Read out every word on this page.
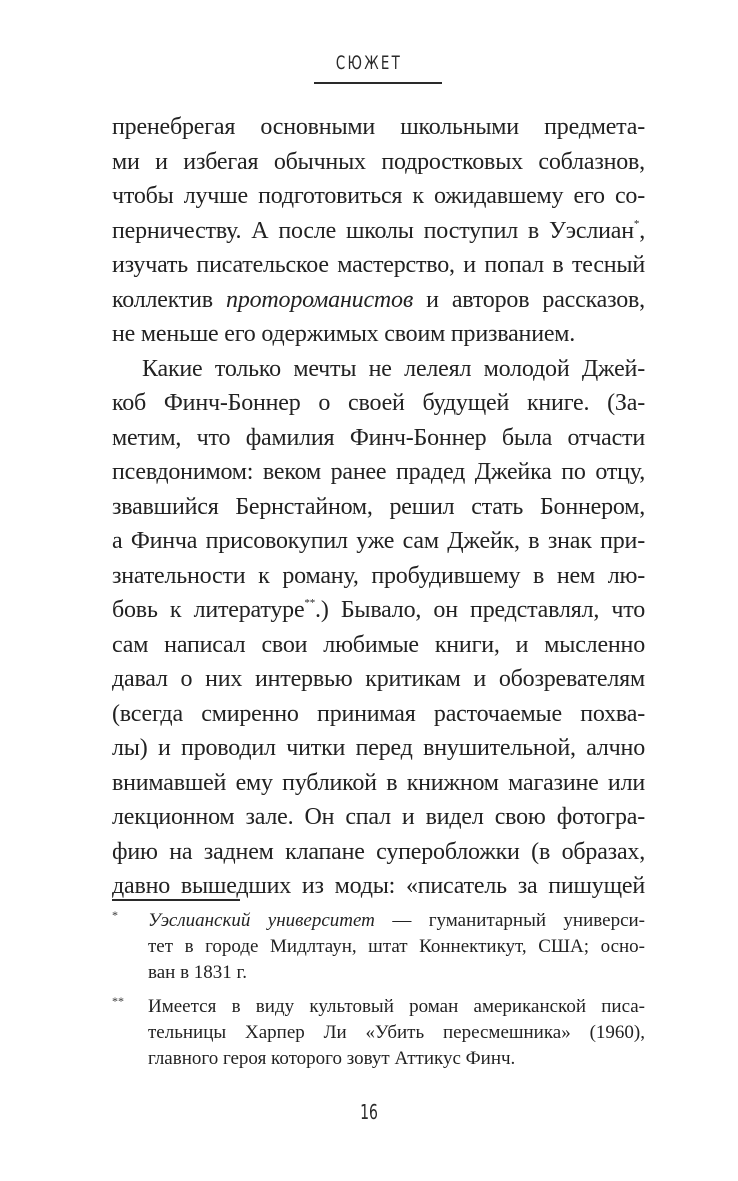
СЮЖЕТ
пренебрегая основными школьными предмета-
ми и избегая обычных подростковых соблазнов,
чтобы лучше подготовиться к ожидавшему его со-
перничеству. А после школы поступил в Уэслиан*,
изучать писательское мастерство, и попал в тесный
коллектив протороманистов и авторов рассказов,
не меньше его одержимых своим призванием.
Какие только мечты не лелеял молодой Джей-
коб Финч-Боннер о своей будущей книге. (За-
метим, что фамилия Финч-Боннер была отчасти
псевдонимом: веком ранее прадед Джейка по отцу,
звавшийся Бернстайном, решил стать Боннером,
а Финча присовокупил уже сам Джейк, в знак при-
знательности к роману, пробудившему в нем лю-
бовь к литературе**.) Бывало, он представлял, что
сам написал свои любимые книги, и мысленно
давал о них интервью критикам и обозревателям
(всегда смиренно принимая расточаемые похва-
лы) и проводил читки перед внушительной, алчно
внимавшей ему публикой в книжном магазине или
лекционном зале. Он спал и видел свою фотогра-
фию на заднем клапане суперобложки (в образах,
давно вышедших из моды: «писатель за пишущей
* Уэслианский университет — гуманитарный универси-
тет в городе Мидлтаун, штат Коннектикут, США; осно-
ван в 1831 г.
** Имеется в виду культовый роман американской писа-
тельницы Харпер Ли «Убить пересмешника» (1960),
главного героя которого зовут Аттикус Финч.
16
